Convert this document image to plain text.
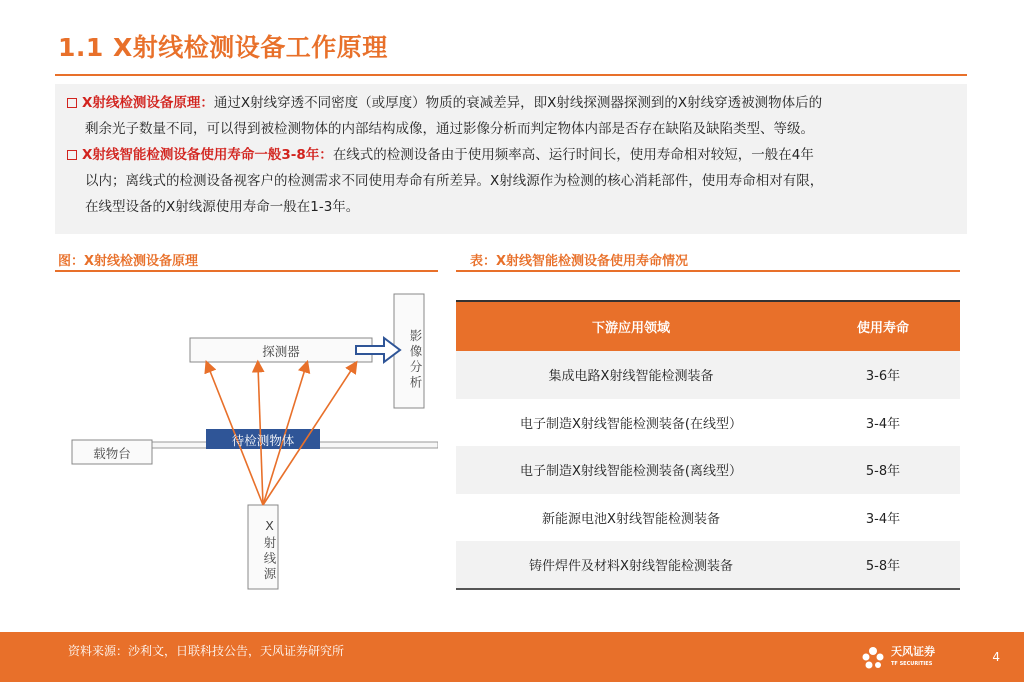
1.1 X射线检测设备工作原理
X射线检测设备原理：通过X射线穿透不同密度（或厚度）物质的衰减差异，即X射线探测器探测到的X射线穿透被测物体后的
剩余光子数量不同，可以得到被检测物体的内部结构成像，通过影像分析而判定物体内部是否存在缺陷及缺陷类型、等级。
X射线智能检测设备使用寿命一般3-8年：在线式的检测设备由于使用频率高、运行时间长，使用寿命相对较短，一般在4年
以内；离线式的检测设备视客户的检测需求不同使用寿命有所差异。X射线源作为检测的核心消耗部件，使用寿命相对有限，
在线型设备的X射线源使用寿命一般在1-3年。
图：X射线检测设备原理	表：X射线智能检测设备使用寿命情况
探测器	影像分析
待检测物体
载物台
X射线源
下游应用领域	使用寿命
集成电路X射线智能检测装备	3-6年
电子制造X射线智能检测装备(在线型）	3-4年
电子制造X射线智能检测装备(离线型）	5-8年
新能源电池X射线智能检测装备	3-4年
铸件焊件及材料X射线智能检测装备	5-8年
资料来源：沙利文，日联科技公告，天风证券研究所	天风证券
TF SECURITIES	4
